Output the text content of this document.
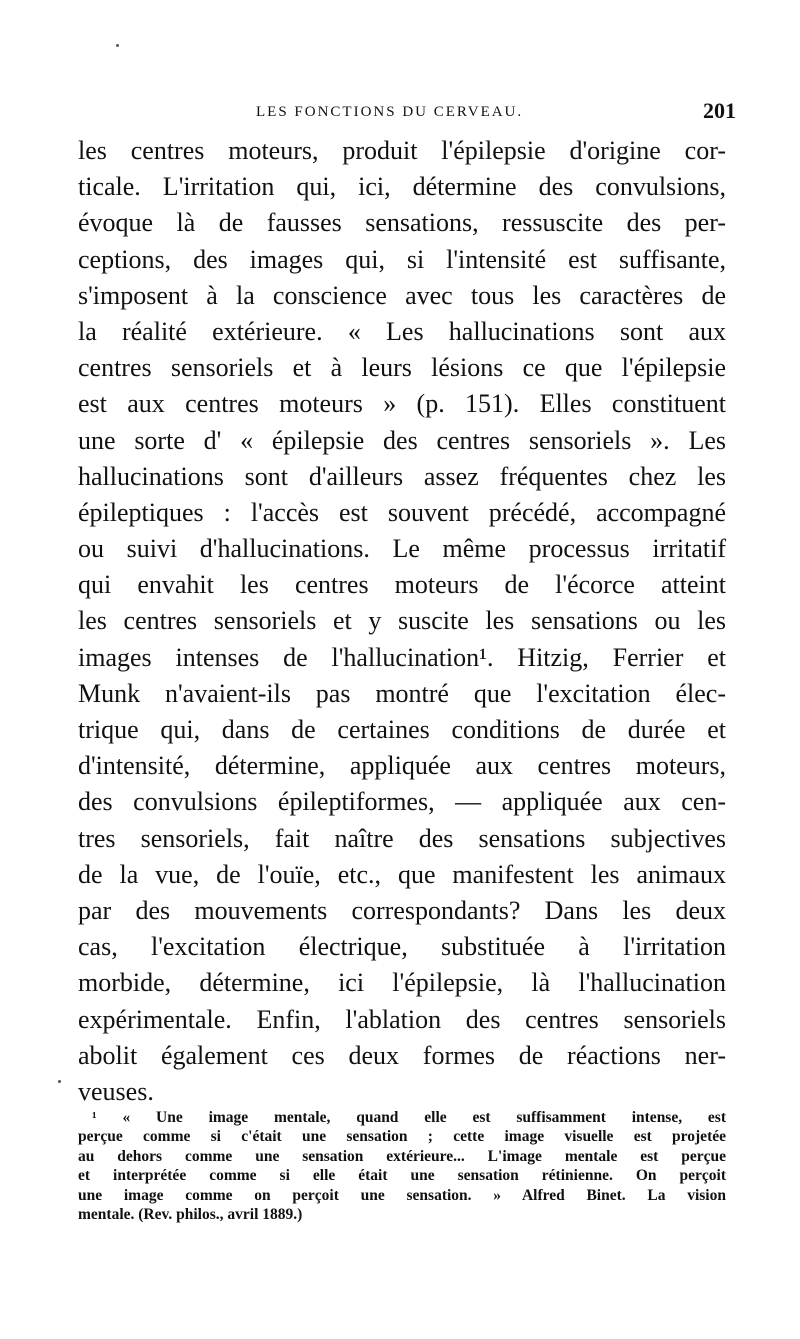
LES FONCTIONS DU CERVEAU.	201
les centres moteurs, produit l'épilepsie d'origine cor-
ticale. L'irritation qui, ici, détermine des convulsions,
évoque là de fausses sensations, ressuscite des per-
ceptions, des images qui, si l'intensité est suffisante,
s'imposent à la conscience avec tous les caractères de
la réalité extérieure. « Les hallucinations sont aux
centres sensoriels et à leurs lésions ce que l'épilepsie
est aux centres moteurs » (p. 151). Elles constituent
une sorte d' « épilepsie des centres sensoriels ». Les
hallucinations sont d'ailleurs assez fréquentes chez les
épileptiques : l'accès est souvent précédé, accompagné
ou suivi d'hallucinations. Le même processus irritatif
qui envahit les centres moteurs de l'écorce atteint
les centres sensoriels et y suscite les sensations ou les
images intenses de l'hallucination¹. Hitzig, Ferrier et
Munk n'avaient-ils pas montré que l'excitation élec-
trique qui, dans de certaines conditions de durée et
d'intensité, détermine, appliquée aux centres moteurs,
des convulsions épileptiformes, — appliquée aux cen-
tres sensoriels, fait naître des sensations subjectives
de la vue, de l'ouïe, etc., que manifestent les animaux
par des mouvements correspondants? Dans les deux
cas, l'excitation électrique, substituée à l'irritation
morbide, détermine, ici l'épilepsie, là l'hallucination
expérimentale. Enfin, l'ablation des centres sensoriels
abolit également ces deux formes de réactions ner-
veuses.
¹ « Une image mentale, quand elle est suffisamment intense, est
perçue comme si c'était une sensation ; cette image visuelle est projetée
au dehors comme une sensation extérieure... L'image mentale est perçue
et interprétée comme si elle était une sensation rétinienne. On perçoit
une image comme on perçoit une sensation. » Alfred Binet. La vision
mentale. (Rev. philos., avril 1889.)
